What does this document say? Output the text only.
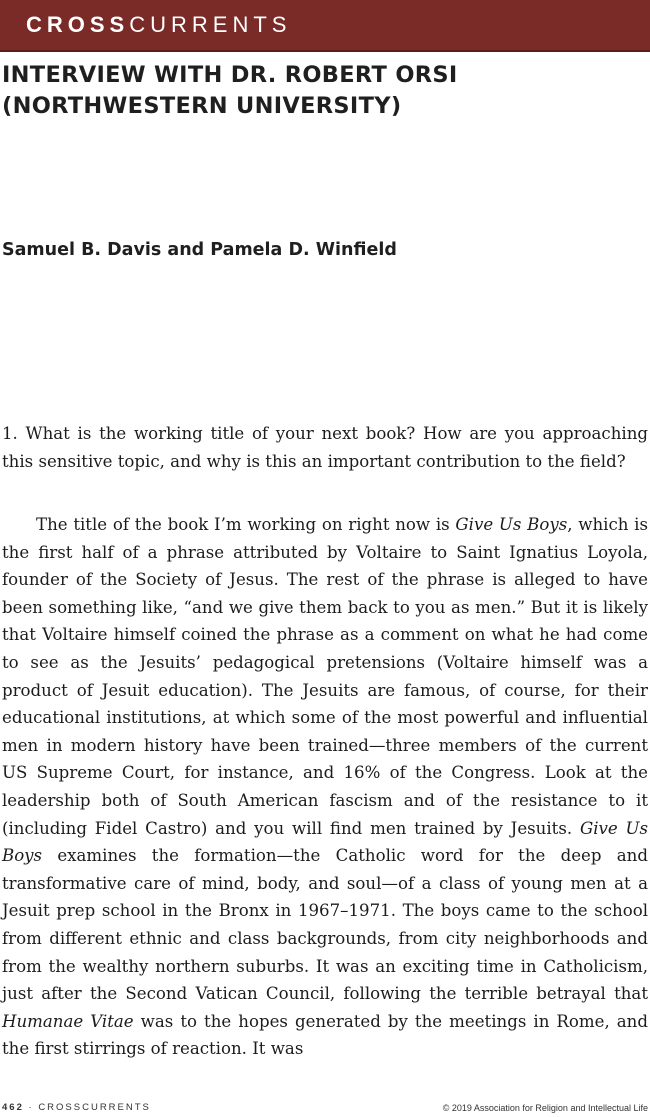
CROSSCURRENTS
INTERVIEW WITH DR. ROBERT ORSI (NORTHWESTERN UNIVERSITY)

Samuel B. Davis and Pamela D. Winfield

1. What is the working title of your next book? How are you approaching this sensitive topic, and why is this an important contribution to the field?

The title of the book I’m working on right now is Give Us Boys, which is the first half of a phrase attributed by Voltaire to Saint Ignatius Loyola, founder of the Society of Jesus. The rest of the phrase is alleged to have been something like, “and we give them back to you as men.” But it is likely that Voltaire himself coined the phrase as a comment on what he had come to see as the Jesuits’ pedagogical pretensions (Voltaire himself was a product of Jesuit education). The Jesuits are famous, of course, for their educational institutions, at which some of the most powerful and influential men in modern history have been trained—three members of the current US Supreme Court, for instance, and 16% of the Congress. Look at the leadership both of South American fascism and of the resistance to it (including Fidel Castro) and you will find men trained by Jesuits. Give Us Boys examines the formation—the Catholic word for the deep and transformative care of mind, body, and soul—of a class of young men at a Jesuit prep school in the Bronx in 1967–1971. The boys came to the school from different ethnic and class backgrounds, from city neighborhoods and from the wealthy northern suburbs. It was an exciting time in Catholicism, just after the Second Vatican Council, following the terrible betrayal that Humanae Vitae was to the hopes generated by the meetings in Rome, and the first stirrings of reaction. It was

462 · CROSSCURRENTS	© 2019 Association for Religion and Intellectual Life
